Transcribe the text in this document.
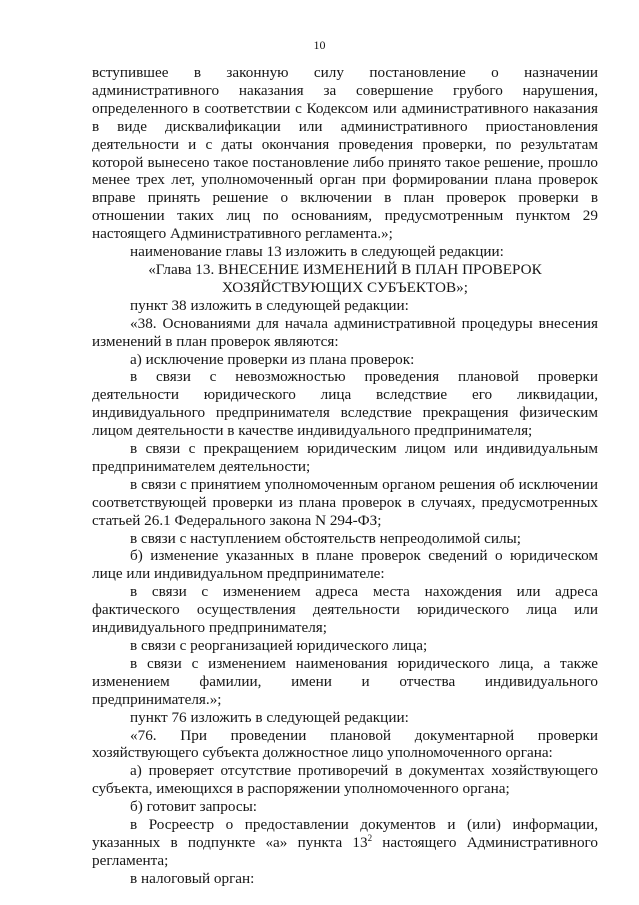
10

вступившее в законную силу постановление о назначении административного наказания за совершение грубого нарушения, определенного в соответствии с Кодексом или административного наказания в виде дисквалификации или административного приостановления деятельности и с даты окончания проведения проверки, по результатам которой вынесено такое постановление либо принято такое решение, прошло менее трех лет, уполномоченный орган при формировании плана проверок вправе принять решение о включении в план проверок проверки в отношении таких лиц по основаниям, предусмотренным пунктом 29 настоящего Административного регламента.»;

наименование главы 13 изложить в следующей редакции:

«Глава 13. ВНЕСЕНИЕ ИЗМЕНЕНИЙ В ПЛАН ПРОВЕРОК ХОЗЯЙСТВУЮЩИХ СУБЪЕКТОВ»;

пункт 38 изложить в следующей редакции:

«38. Основаниями для начала административной процедуры внесения изменений в план проверок являются:

а) исключение проверки из плана проверок:

в связи с невозможностью проведения плановой проверки деятельности юридического лица вследствие его ликвидации, индивидуального предпринимателя вследствие прекращения физическим лицом деятельности в качестве индивидуального предпринимателя;

в связи с прекращением юридическим лицом или индивидуальным предпринимателем деятельности;

в связи с принятием уполномоченным органом решения об исключении соответствующей проверки из плана проверок в случаях, предусмотренных статьей 26.1 Федерального закона N 294-ФЗ;

в связи с наступлением обстоятельств непреодолимой силы;

б) изменение указанных в плане проверок сведений о юридическом лице или индивидуальном предпринимателе:

в связи с изменением адреса места нахождения или адреса фактического осуществления деятельности юридического лица или индивидуального предпринимателя;

в связи с реорганизацией юридического лица;

в связи с изменением наименования юридического лица, а также изменением фамилии, имени и отчества индивидуального предпринимателя.»;

пункт 76 изложить в следующей редакции:

«76. При проведении плановой документарной проверки хозяйствующего субъекта должностное лицо уполномоченного органа:

а) проверяет отсутствие противоречий в документах хозяйствующего субъекта, имеющихся в распоряжении уполномоченного органа;

б) готовит запросы:

в Росреестр о предоставлении документов и (или) информации, указанных в подпункте «а» пункта $13^2$ настоящего Административного регламента;

в налоговый орган:
